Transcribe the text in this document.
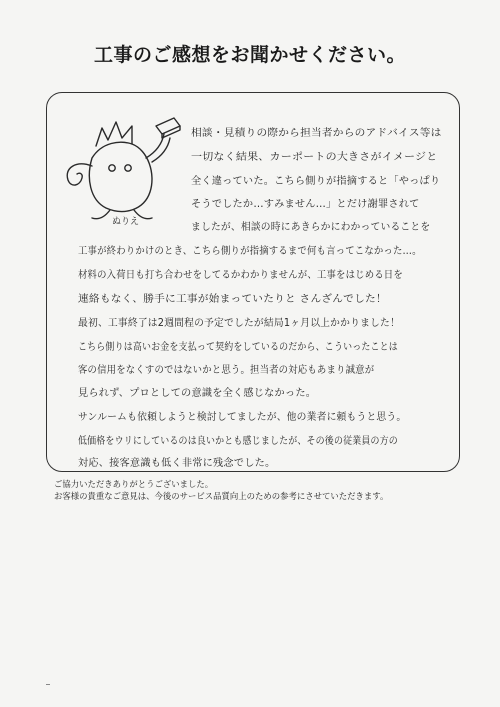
工事のご感想をお聞かせください。
ぬりえ
相談・見積りの際から担当者からのアドバイス等は
一切なく結果、カーポートの大きさがイメージと
全く違っていた。こちら側りが指摘すると「やっぱり
そうでしたか…すみません…」とだけ謝罪されて
ましたが、相談の時にあきらかにわかっていることを
工事が終わりかけのとき、こちら側りが指摘するまで何も言ってこなかった…。
材料の入荷日も打ち合わせをしてるかわかりませんが、工事をはじめる日を
連絡もなく、勝手に工事が始まっていたりと さんざんでした！
最初、工事終了は2週間程の予定でしたが結局1ヶ月以上かかりました！
こちら側りは高いお金を支払って契約をしているのだから、こういったことは
客の信用をなくすのではないかと思う。担当者の対応もあまり誠意が
見られず、プロとしての意識を全く感じなかった。
サンルームも依頼しようと検討してましたが、他の業者に頼もうと思う。
低価格をウリにしているのは良いかとも感じましたが、その後の従業員の方の
対応、接客意識も低く非常に残念でした。
ご協力いただきありがとうございました。
お客様の貴重なご意見は、今後のサービス品質向上のための参考にさせていただきます。
